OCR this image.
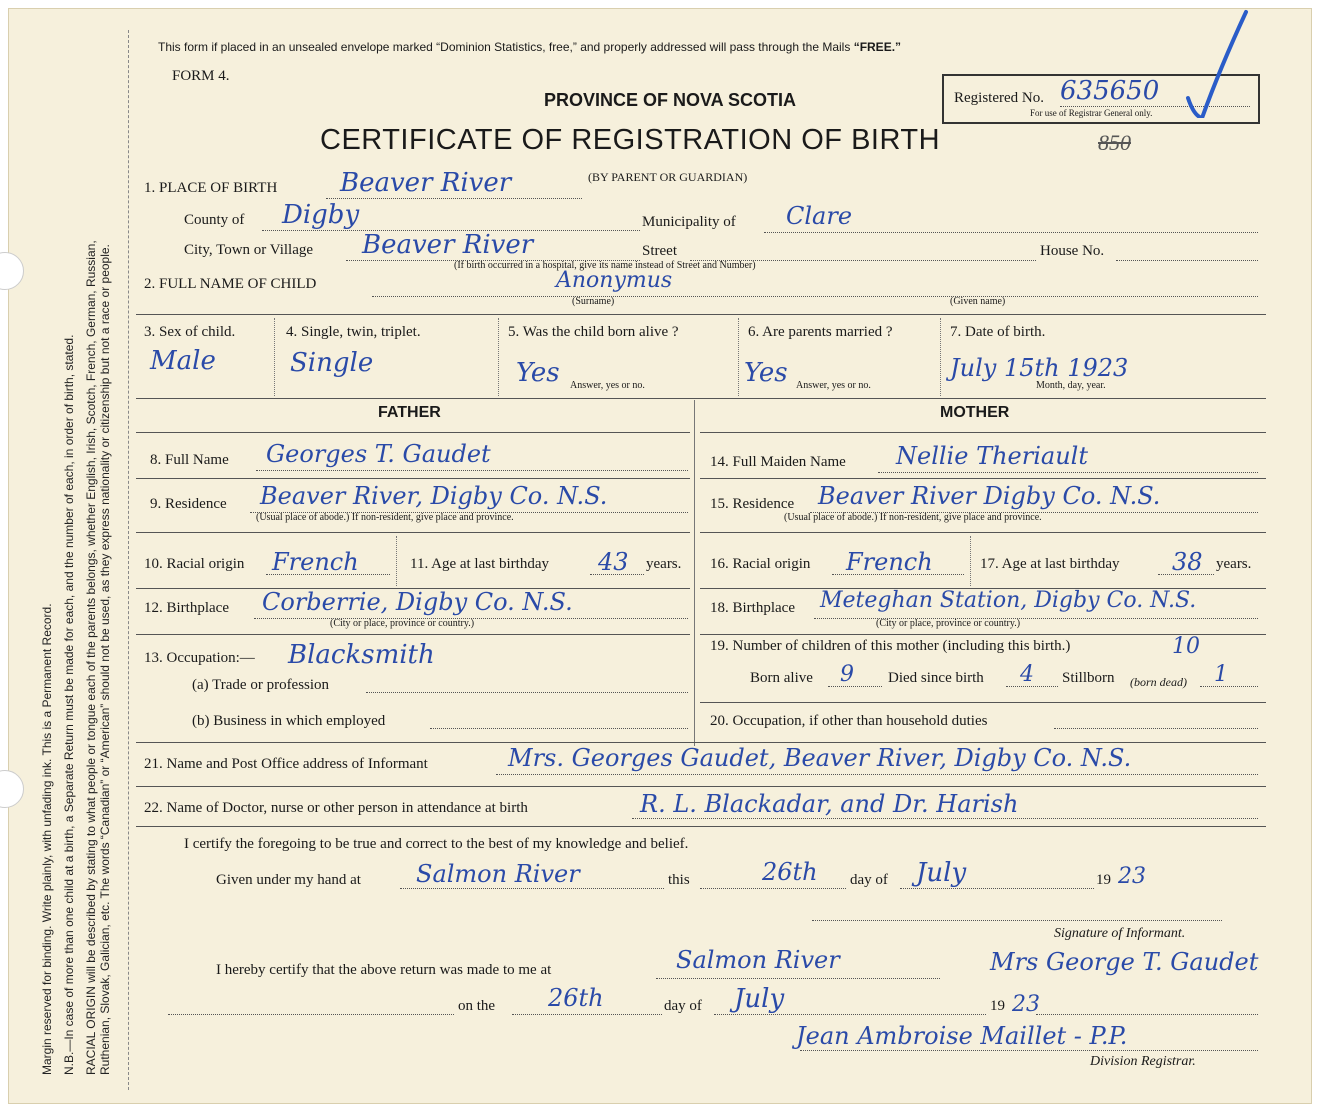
Margin reserved for binding. Write plainly, with unfading ink. This is a Permanent Record. N.B.—In case of more than one child at a birth, a Separate Return must be made for each, and the number of each, in order of birth, stated. RACIAL ORIGIN will be described by stating to what people or tongue each of the parents belongs, whether English, Irish, Scotch, French, German, Russian, Ruthenian, Slovak, Galician, etc. The words “Canadian” or “American” should not be used, as they express nationality or citizenship but not a race or people.
This form if placed in an unsealed envelope marked “Dominion Statistics, free,” and properly addressed will pass through the Mails “FREE.”
FORM 4.
PROVINCE OF NOVA SCOTIA	Registered No. 635650
For use of Registrar General only.
CERTIFICATE OF REGISTRATION OF BIRTH	850
(BY PARENT OR GUARDIAN)
1. PLACE OF BIRTH Beaver River
County of Digby	Municipality of Clare
City, Town or Village Beaver River	Street	House No.
(If birth occurred in a hospital, give its name instead of Street and Number)
2. FULL NAME OF CHILD	Anonymus
(Surname)	(Given name)
3. Sex of child.
Male
4. Single, twin, triplet.
Single
5. Was the child born alive ?
Yes Answer, yes or no.
6. Are parents married ?
Yes Answer, yes or no.
7. Date of birth.
July 15th 1923
Month, day, year.
FATHER	MOTHER
8. Full Name Georges T. Gaudet
9. Residence Beaver River, Digby Co. N.S.
(Usual place of abode.) If non-resident, give place and province.
10. Racial origin French	11. Age at last birthday 43 years.
12. Birthplace Corberrie, Digby Co. N.S.
(City or place, province or country.)
13. Occupation:— Blacksmith
(a) Trade or profession
(b) Business in which employed
14. Full Maiden Name Nellie Theriault
15. Residence Beaver River Digby Co. N.S.
(Usual place of abode.) If non-resident, give place and province.
16. Racial origin French	17. Age at last birthday 38 years.
18. Birthplace Meteghan Station, Digby Co. N.S.
(City or place, province or country.)
19. Number of children of this mother (including this birth.)	10
Born alive 9 Died since birth 4 Stillborn (born dead) 1
20. Occupation, if other than household duties
21. Name and Post Office address of Informant	Mrs. Georges Gaudet, Beaver River, Digby Co. N.S.
22. Name of Doctor, nurse or other person in attendance at birth	R. L. Blackadar, and Dr. Harish
I certify the foregoing to be true and correct to the best of my knowledge and belief.
Given under my hand at Salmon River	this	26th day of July	19 23
Signature of Informant.
I hereby certify that the above return was made to me at	Salmon River	Mrs George T. Gaudet
on the 26th	day of July	19 23
Jean Ambroise Maillet - P.P.
Division Registrar.
